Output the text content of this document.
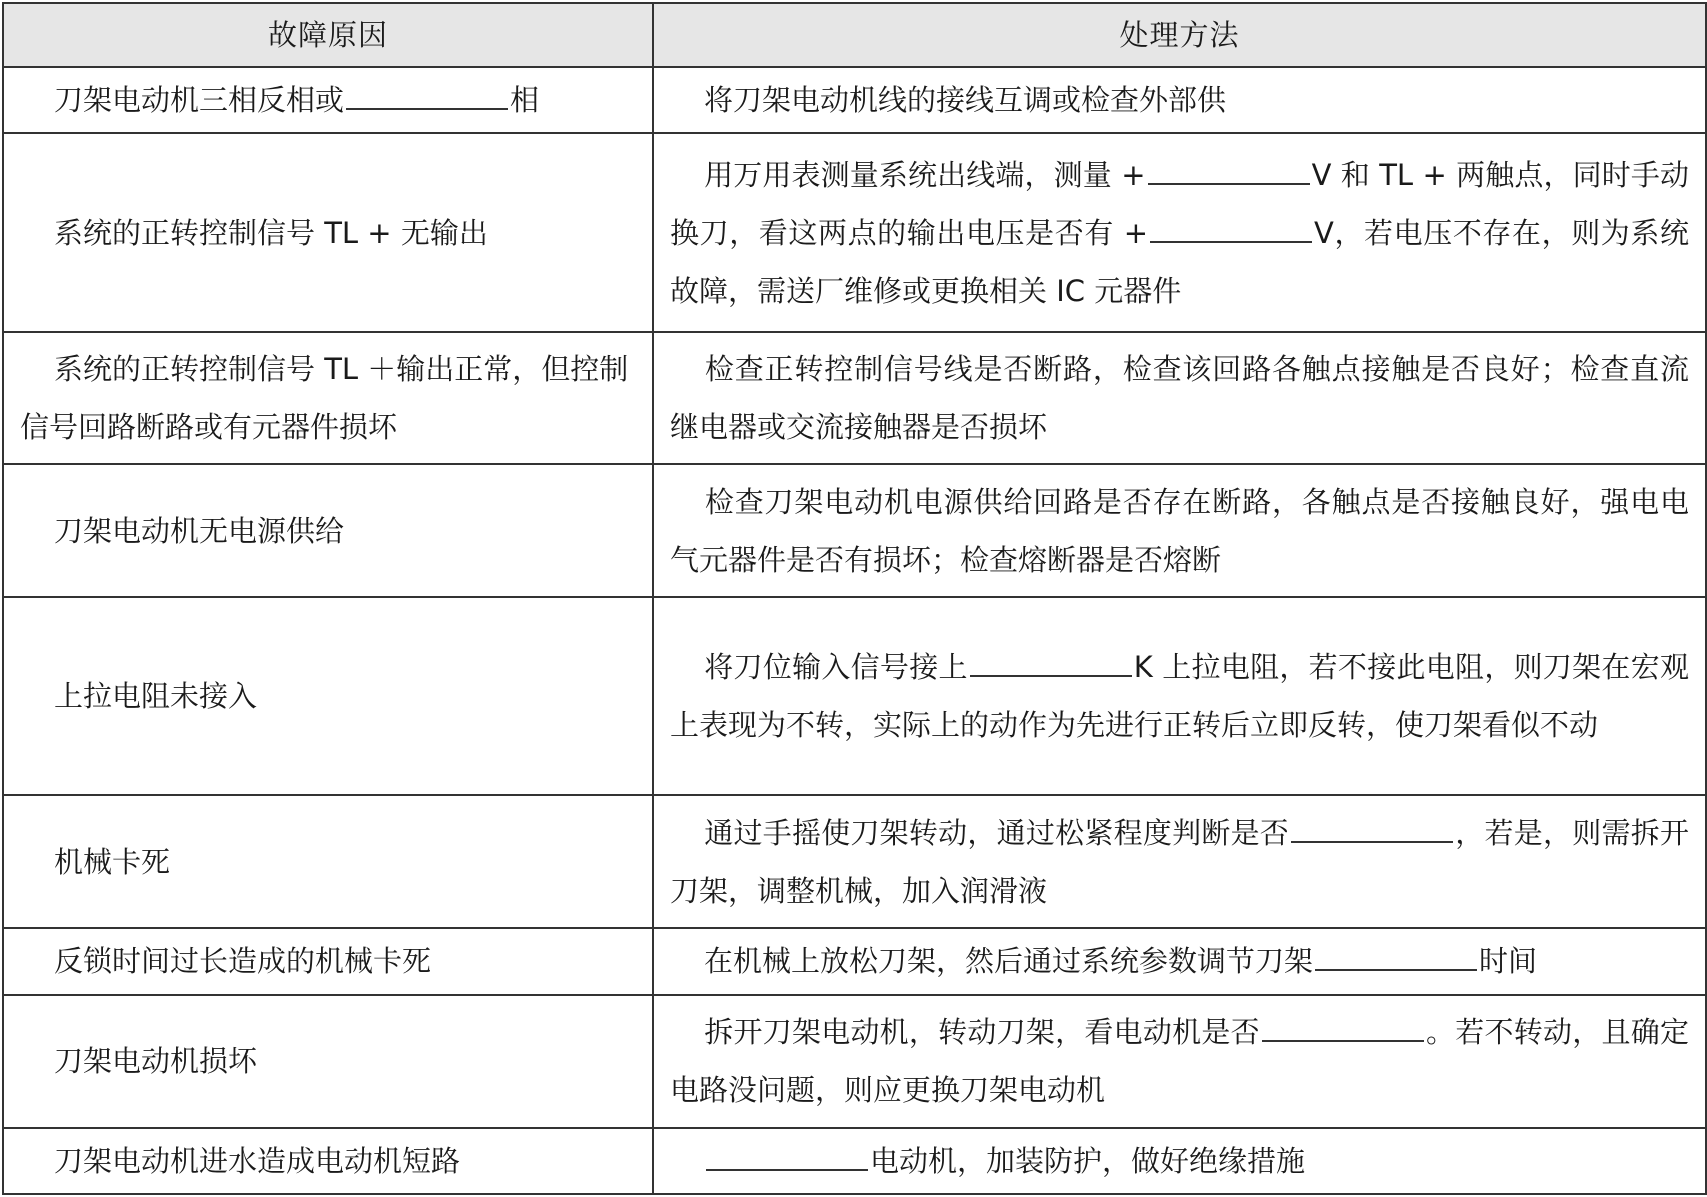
故障原因	处理方法
刀架电动机三相反相或 相	将刀架电动机线的接线互调或检查外部供
系统的正转控制信号 TL + 无输出	用万用表测量系统出线端，测量 + V 和 TL + 两触点，同时手动换刀，看这两点的输出电压是否有 + V，若电压不存在，则为系统故障，需送厂维修或更换相关 IC 元器件
系统的正转控制信号 TL ＋输出正常，但控制信号回路断路或有元器件损坏	检查正转控制信号线是否断路，检查该回路各触点接触是否良好；检查直流继电器或交流接触器是否损坏
刀架电动机无电源供给	检查刀架电动机电源供给回路是否存在断路，各触点是否接触良好，强电电气元器件是否有损坏；检查熔断器是否熔断
上拉电阻未接入	将刀位输入信号接上 K 上拉电阻，若不接此电阻，则刀架在宏观上表现为不转，实际上的动作为先进行正转后立即反转，使刀架看似不动
机械卡死	通过手摇使刀架转动，通过松紧程度判断是否 ，若是，则需拆开刀架，调整机械，加入润滑液
反锁时间过长造成的机械卡死	在机械上放松刀架，然后通过系统参数调节刀架 时间
刀架电动机损坏	拆开刀架电动机，转动刀架，看电动机是否 。若不转动，且确定电路没问题，则应更换刀架电动机
刀架电动机进水造成电动机短路	电动机，加装防护，做好绝缘措施
